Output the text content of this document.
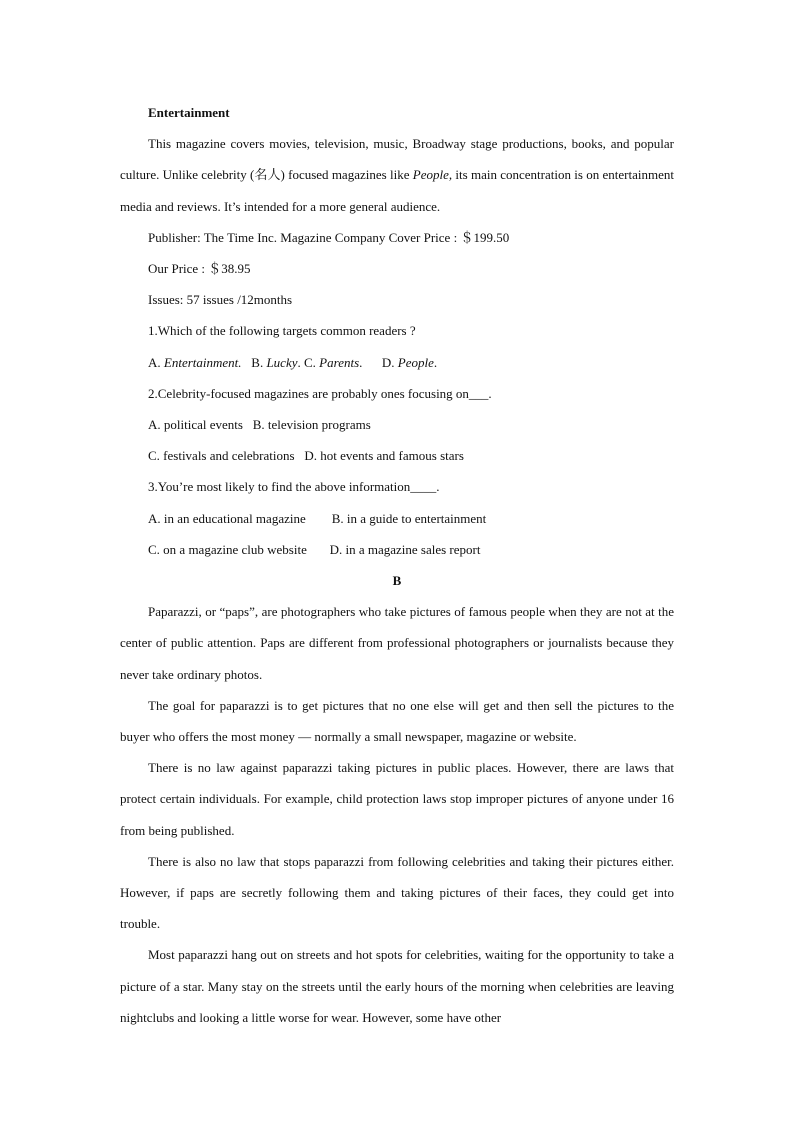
Entertainment

This magazine covers movies, television, music, Broadway stage productions, books, and popular culture. Unlike celebrity (名人) focused magazines like People, its main concentration is on entertainment media and reviews. It’s intended for a more general audience.

Publisher: The Time Inc. Magazine Company Cover Price : ＄199.50

Our Price : ＄38.95

Issues: 57 issues /12months

1.Which of the following targets common readers ?

A. Entertainment.   B. Lucky. C. Parents.      D. People.

2.Celebrity-focused magazines are probably ones focusing on___.

A. political events   B. television programs

C. festivals and celebrations   D. hot events and famous stars

3.You’re most likely to find the above information____.

A. in an educational magazine        B. in a guide to entertainment

C. on a magazine club website       D. in a magazine sales report

B

Paparazzi, or “paps”, are photographers who take pictures of famous people when they are not at the center of public attention. Paps are different from professional photographers or journalists because they never take ordinary photos.

The goal for paparazzi is to get pictures that no one else will get and then sell the pictures to the buyer who offers the most money — normally a small newspaper, magazine or website.

There is no law against paparazzi taking pictures in public places. However, there are laws that protect certain individuals. For example, child protection laws stop improper pictures of anyone under 16 from being published.

There is also no law that stops paparazzi from following celebrities and taking their pictures either. However, if paps are secretly following them and taking pictures of their faces, they could get into trouble.

Most paparazzi hang out on streets and hot spots for celebrities, waiting for the opportunity to take a picture of a star. Many stay on the streets until the early hours of the morning when celebrities are leaving nightclubs and looking a little worse for wear. However, some have other
